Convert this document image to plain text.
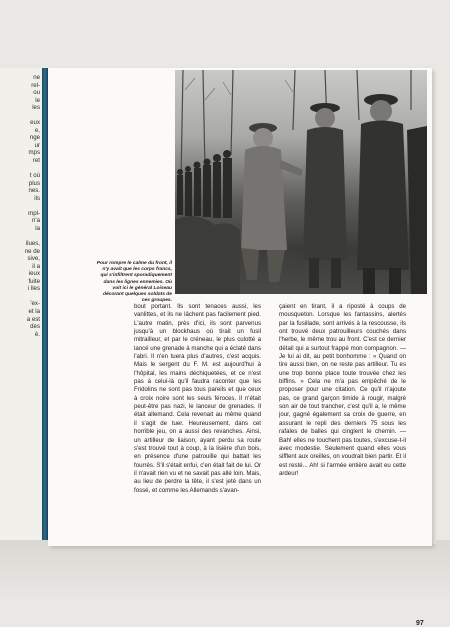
ne
rel-
ou
le
les

eux
e,
nge
ur
mps
ret

t où
plus
nes.
ils

mpl-
n'a
la

ilues,
ne de
sive,
il a
ieux
fuite
i lles

'ex-
et la
a est
des
è.
Pour rompre le calme du front, il n'y avait que les corps francs, qui s'infiltrent sporadiquement dans les lignes ennemies. Où voit ici le général Loiseau décorant quelques soldats de ces groupes.

bout portant. Ils sont tenaces aussi, les vanlittes, et ils ne lâchent pas facilement pied. L'autre matin, près d'ici, ils sont parvenus jusqu'à un blockhaus où tirait un fusil mitrailleur, et par le créneau, le plus culotté a lancé une grenade à manche qui a éclaté dans l'abri. Il n'en tuera plus d'autres, c'est acquis. Mais le sergent du F. M. est aujourd'hui à l'hôpital, les mains déchiquetées, et ce n'est pas à celui-là qu'il faudra raconter que les Fridolins ne sont pas tous pareils et que ceux à croix noire sont les seuls féroces. Il n'était peut-être pas nazi, le lanceur de grenades. Il était allemand. Cela revenait au même quand il s'agit de tuer. Heureusement, dans cet horrible jeu, on a aussi des revanches. Ainsi, un artilleur de liaison, ayant perdu sa route s'est trouvé tout à coup, à la lisière d'un bois, en présence d'une patrouille qui battait les fourrés. S'il s'était enfui, c'en était fait de lui. Or il n'avait rien vu et ne savait pas allé loin. Mais, au lieu de perdre la tête, il s'est jeté dans un fossé, et comme les Allemands s'avan-

çaient en tirant, il a riposté à coups de mousqueton. Lorsque les fantassins, alertés par la fusillade, sont arrivés à la rescousse, ils ont trouvé deux patrouilleurs couchés dans l'herbe, le même trou au front. C'est ce dernier détail qui a surtout frappé mon compagnon. — Je lui ai dit, au petit bonhomme : « Quand on tire aussi bien, on ne reste pas artilleur. Tu es une trop bonne place toute trouvée chez les biffins. » Cela ne m'a pas empêché de le proposer pour une citation. Ce qu'il n'ajoute pas, ce grand garçon timide à rougir, malgré son air de tout trancher, c'est qu'il a, le même jour, gagné également sa croix de guerre, en assurant le repli des derniers 75 sous les rafales de balles qui cinglent le chemin. — Bah! elles ne touchent pas toutes, s'excuse-t-il avec modestie. Seulement quand elles vous sifflent aux oreilles, on voudrait bien partir. Et il est resté... Ah! si l'armée entière avait eu cette ardeur!

97
